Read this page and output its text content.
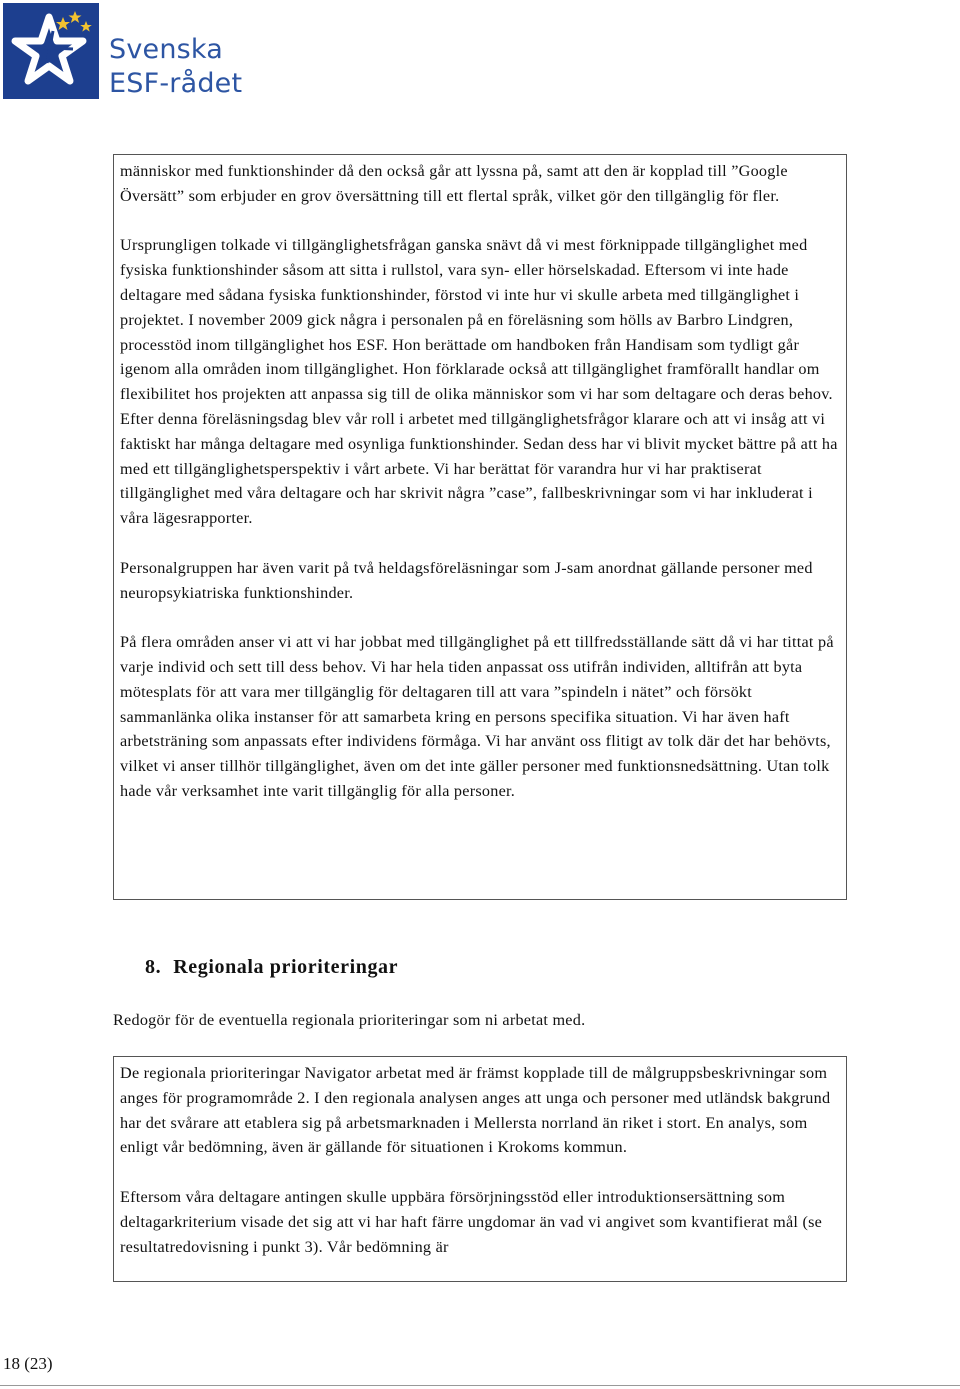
Svenska
ESF-rådet

människor med funktionshinder då den också går att lyssna på, samt att den är kopplad till ”Google Översätt” som erbjuder en grov översättning till ett flertal språk, vilket gör den tillgänglig för fler.

Ursprungligen tolkade vi tillgänglighetsfrågan ganska snävt då vi mest förknippade tillgänglighet med fysiska funktionshinder såsom att sitta i rullstol, vara syn- eller hörselskadad. Eftersom vi inte hade deltagare med sådana fysiska funktionshinder, förstod vi inte hur vi skulle arbeta med tillgänglighet i projektet. I november 2009 gick några i personalen på en föreläsning som hölls av Barbro Lindgren, processtöd inom tillgänglighet hos ESF. Hon berättade om handboken från Handisam som tydligt går igenom alla områden inom tillgänglighet. Hon förklarade också att tillgänglighet framförallt handlar om flexibilitet hos projekten att anpassa sig till de olika människor som vi har som deltagare och deras behov. Efter denna föreläsningsdag blev vår roll i arbetet med tillgänglighetsfrågor klarare och att vi insåg att vi faktiskt har många deltagare med osynliga funktionshinder. Sedan dess har vi blivit mycket bättre på att ha med ett tillgänglighetsperspektiv i vårt arbete. Vi har berättat för varandra hur vi har praktiserat tillgänglighet med våra deltagare och har skrivit några ”case”, fallbeskrivningar som vi har inkluderat i våra lägesrapporter.

Personalgruppen har även varit på två heldagsföreläsningar som J-sam anordnat gällande personer med neuropsykiatriska funktionshinder.

På flera områden anser vi att vi har jobbat med tillgänglighet på ett tillfredsställande sätt då vi har tittat på varje individ och sett till dess behov. Vi har hela tiden anpassat oss utifrån individen, alltifrån att byta mötesplats för att vara mer tillgänglig för deltagaren till att vara ”spindeln i nätet” och försökt sammanlänka olika instanser för att samarbeta kring en persons specifika situation. Vi har även haft arbetsträning som anpassats efter individens förmåga. Vi har använt oss flitigt av tolk där det har behövts, vilket vi anser tillhör tillgänglighet, även om det inte gäller personer med funktionsnedsättning. Utan tolk hade vår verksamhet inte varit tillgänglig för alla personer.

8. Regionala prioriteringar

Redogör för de eventuella regionala prioriteringar som ni arbetat med.

De regionala prioriteringar Navigator arbetat med är främst kopplade till de målgruppsbeskrivningar som anges för programområde 2. I den regionala analysen anges att unga och personer med utländsk bakgrund har det svårare att etablera sig på arbetsmarknaden i Mellersta norrland än riket i stort. En analys, som enligt vår bedömning, även är gällande för situationen i Krokoms kommun.

Eftersom våra deltagare antingen skulle uppbära försörjningsstöd eller introduktionsersättning som deltagarkriterium visade det sig att vi har haft färre ungdomar än vad vi angivet som kvantifierat mål (se resultatredovisning i punkt 3). Vår bedömning är

18 (23)
